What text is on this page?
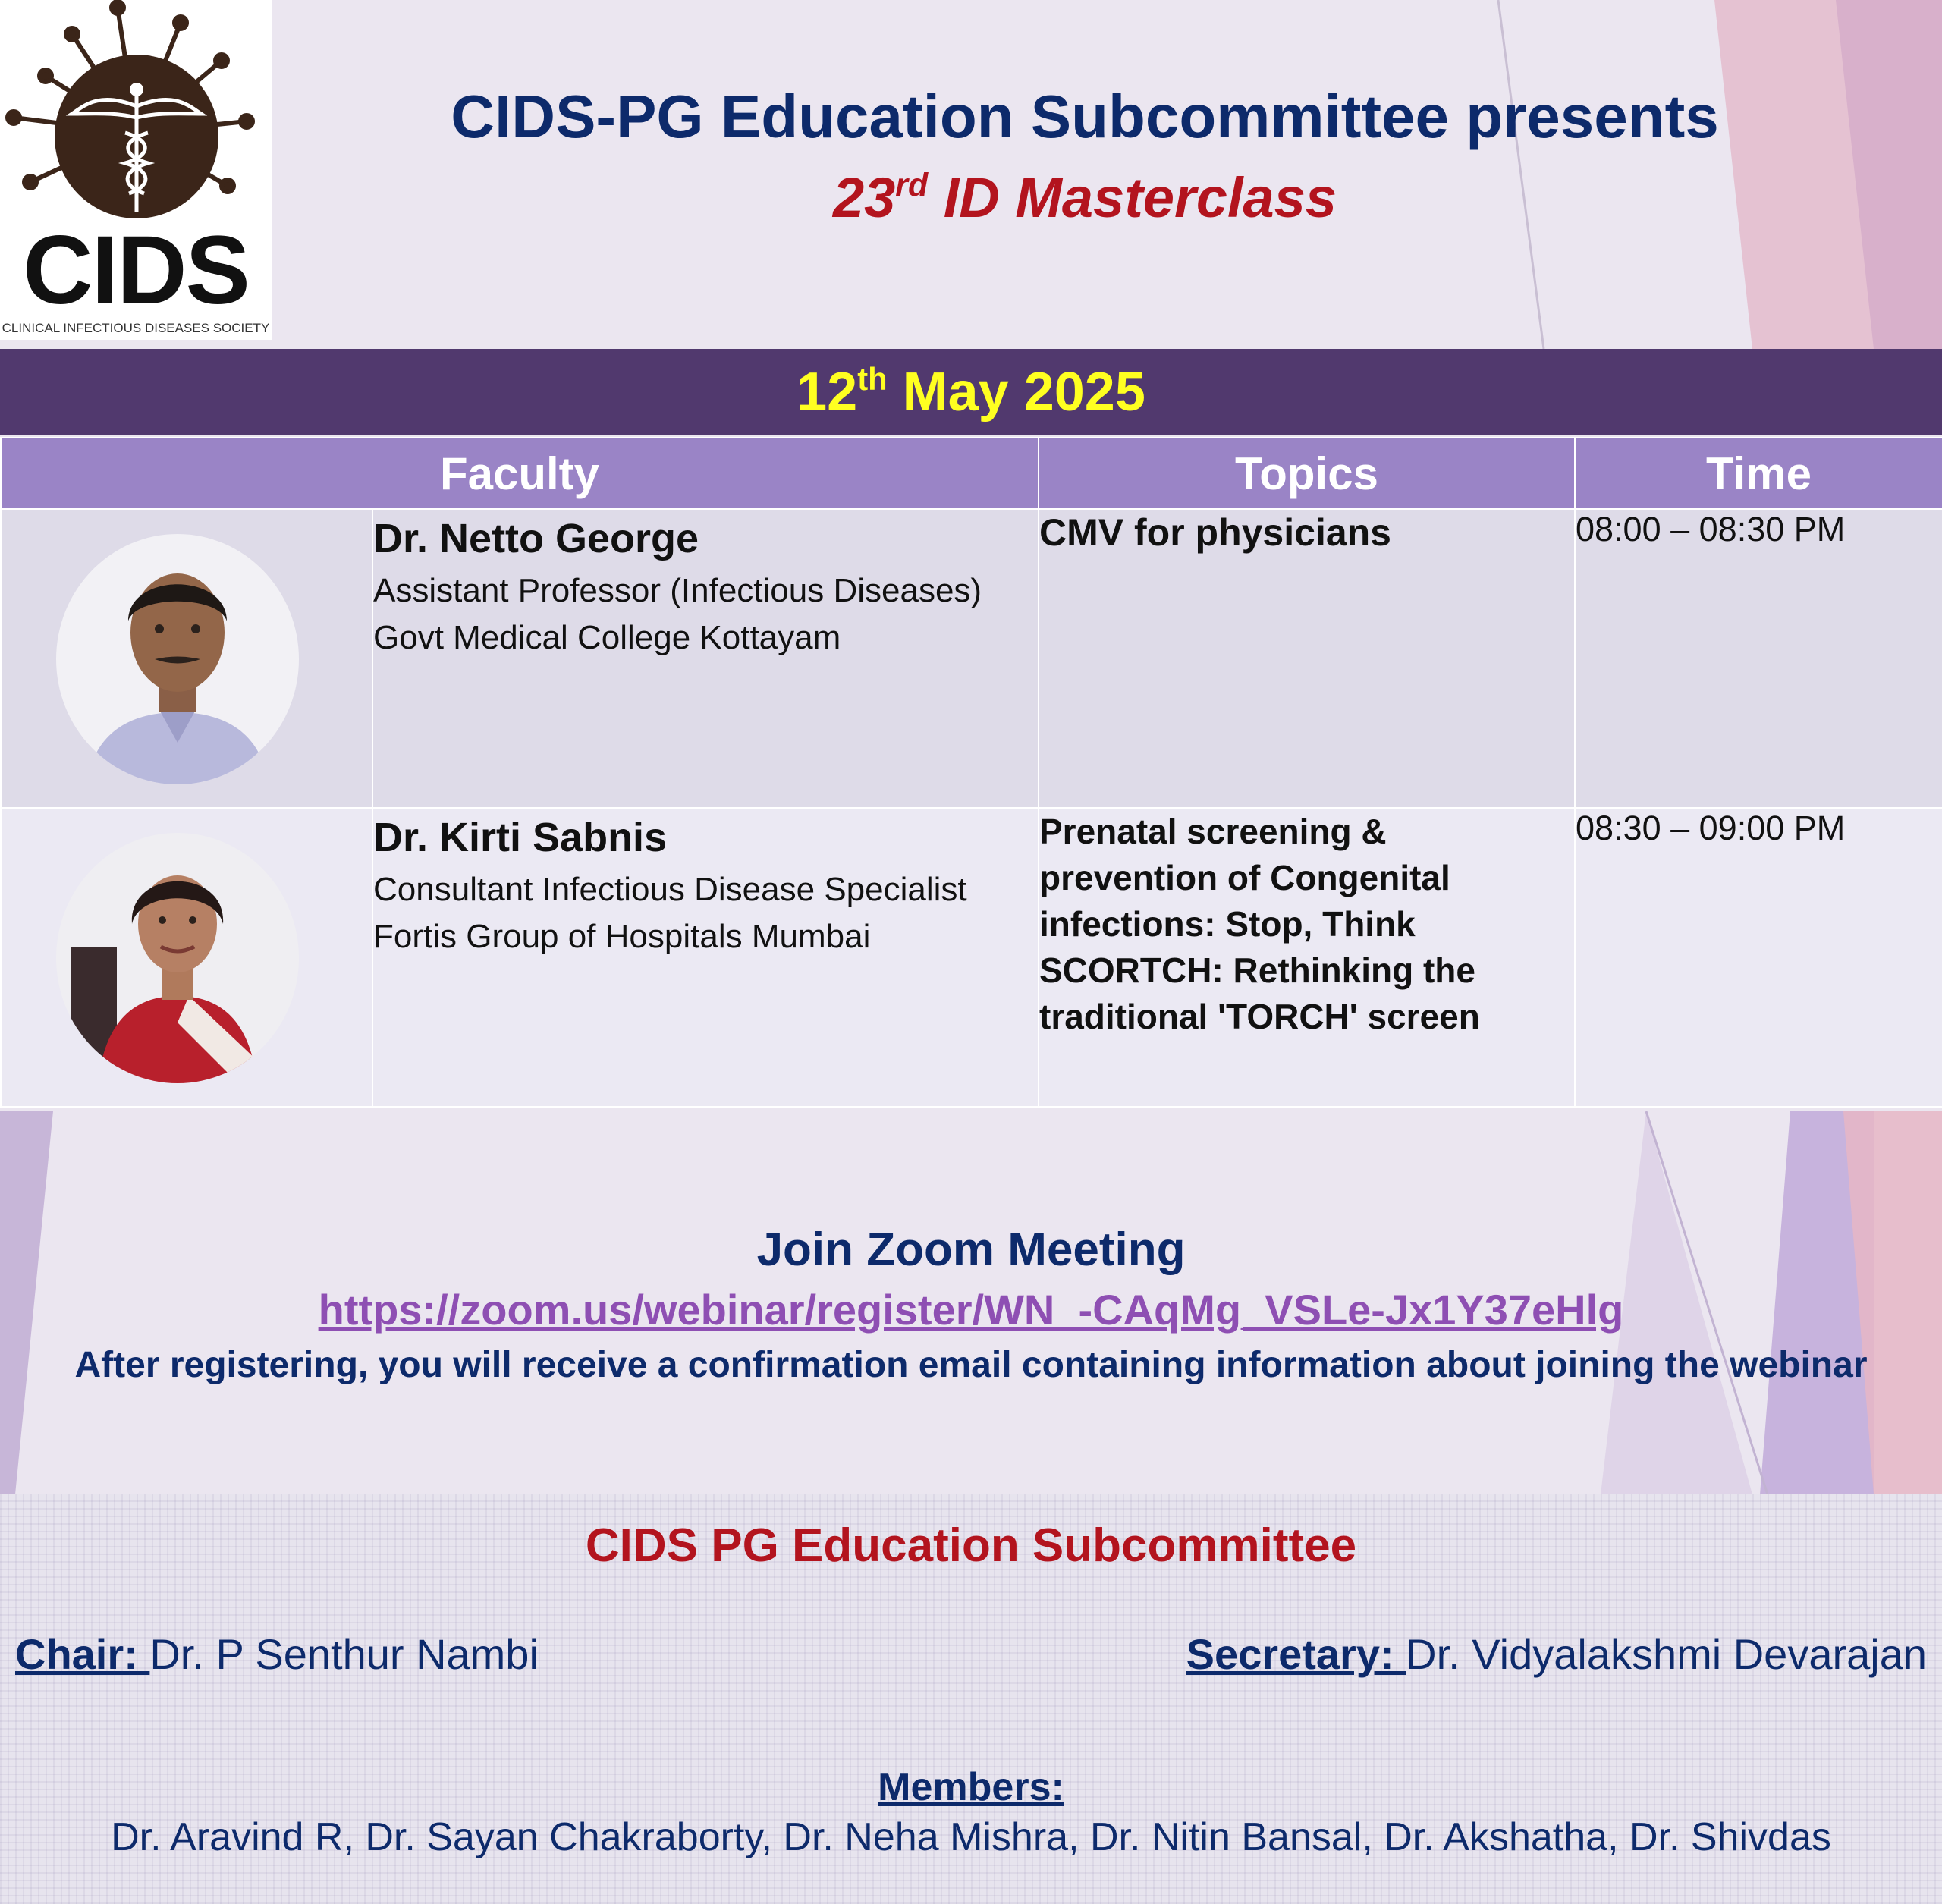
CIDS
CLINICAL INFECTIOUS DISEASES SOCIETY
CIDS-PG Education Subcommittee presents
23rd ID Masterclass
12th May 2025
Faculty		Topics	Time

Dr. Netto George
Assistant Professor (Infectious Diseases)
Govt Medical College Kottayam	CMV for physicians	08:00 – 08:30 PM

Dr. Kirti Sabnis
Consultant Infectious Disease Specialist
Fortis Group of Hospitals Mumbai	Prenatal screening & prevention of Congenital infections: Stop, Think SCORTCH: Rethinking the traditional 'TORCH' screen	08:30 – 09:00 PM
Join Zoom Meeting
https://zoom.us/webinar/register/WN_-CAqMg_VSLe-Jx1Y37eHlg
After registering, you will receive a confirmation email containing information about joining the webinar
CIDS PG Education Subcommittee
Chair: Dr. P Senthur Nambi	Secretary: Dr. Vidyalakshmi Devarajan
Members:
Dr. Aravind R, Dr. Sayan Chakraborty, Dr. Neha Mishra, Dr. Nitin Bansal, Dr. Akshatha, Dr. Shivdas
